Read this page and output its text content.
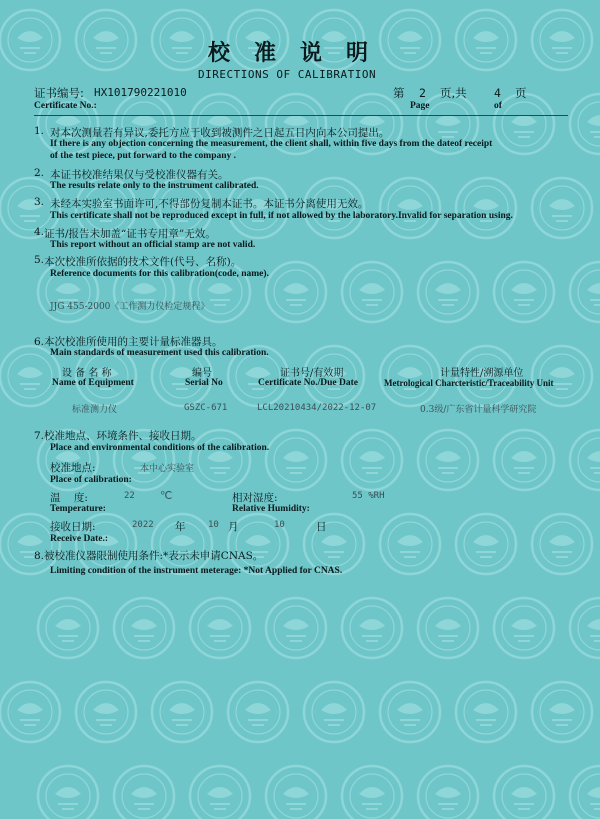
校准说明
DIRECTIONS OF CALIBRATION
证书编号: HX101790221010
Certificate No.:
第 2 页,共 4 页
Page	of
1. 对本次测量若有异议,委托方应于收到被测件之日起五日内向本公司提出。
If there is any objection concerning the measurement, the client shall, within five days from the dateof receipt
of the test piece, put forward to the company .
2. 本证书校准结果仅与受校准仪器有关。
The results relate only to the instrument calibrated.
3. 未经本实验室书面许可,不得部份复制本证书。本证书分离使用无效。
This certificate shall not be reproduced except in full, if not allowed by the laboratory.Invalid for separation using.
4. 证书/报告未加盖“证书专用章”无效。
This report without an official stamp are not valid.
5. 本次校准所依据的技术文件(代号、名称)。
Reference documents for this calibration(code, name).
JJG 455-2000《工作测力仪检定规程》
6.本次校准所使用的主要计量标准器具。
Main standards of measurement used this calibration.
设 备 名 称
Name of Equipment
编号
Serial No
证书号/有效期
Certificate No./Due Date
计量特性/溯源单位
Metrological Charcteristic/Traceability Unit
标准测力仪	GSZC-671	LCL20210434/2022-12-07	0.3级/广东省计量科学研究院
7.校准地点、环境条件、接收日期。
Place and environmental conditions of the calibration.
校准地点:	本中心实验室
Place of calibration:
温    度:	22 ℃
Temperature:
相对湿度:	55 %RH
Relative Humidity:
接收日期:	2022 年	10 月	10	日
Receive Date.:
8.被校准仪器限制使用条件:*表示未申请CNAS。
Limiting condition of the instrument meterage: *Not Applied for CNAS.
